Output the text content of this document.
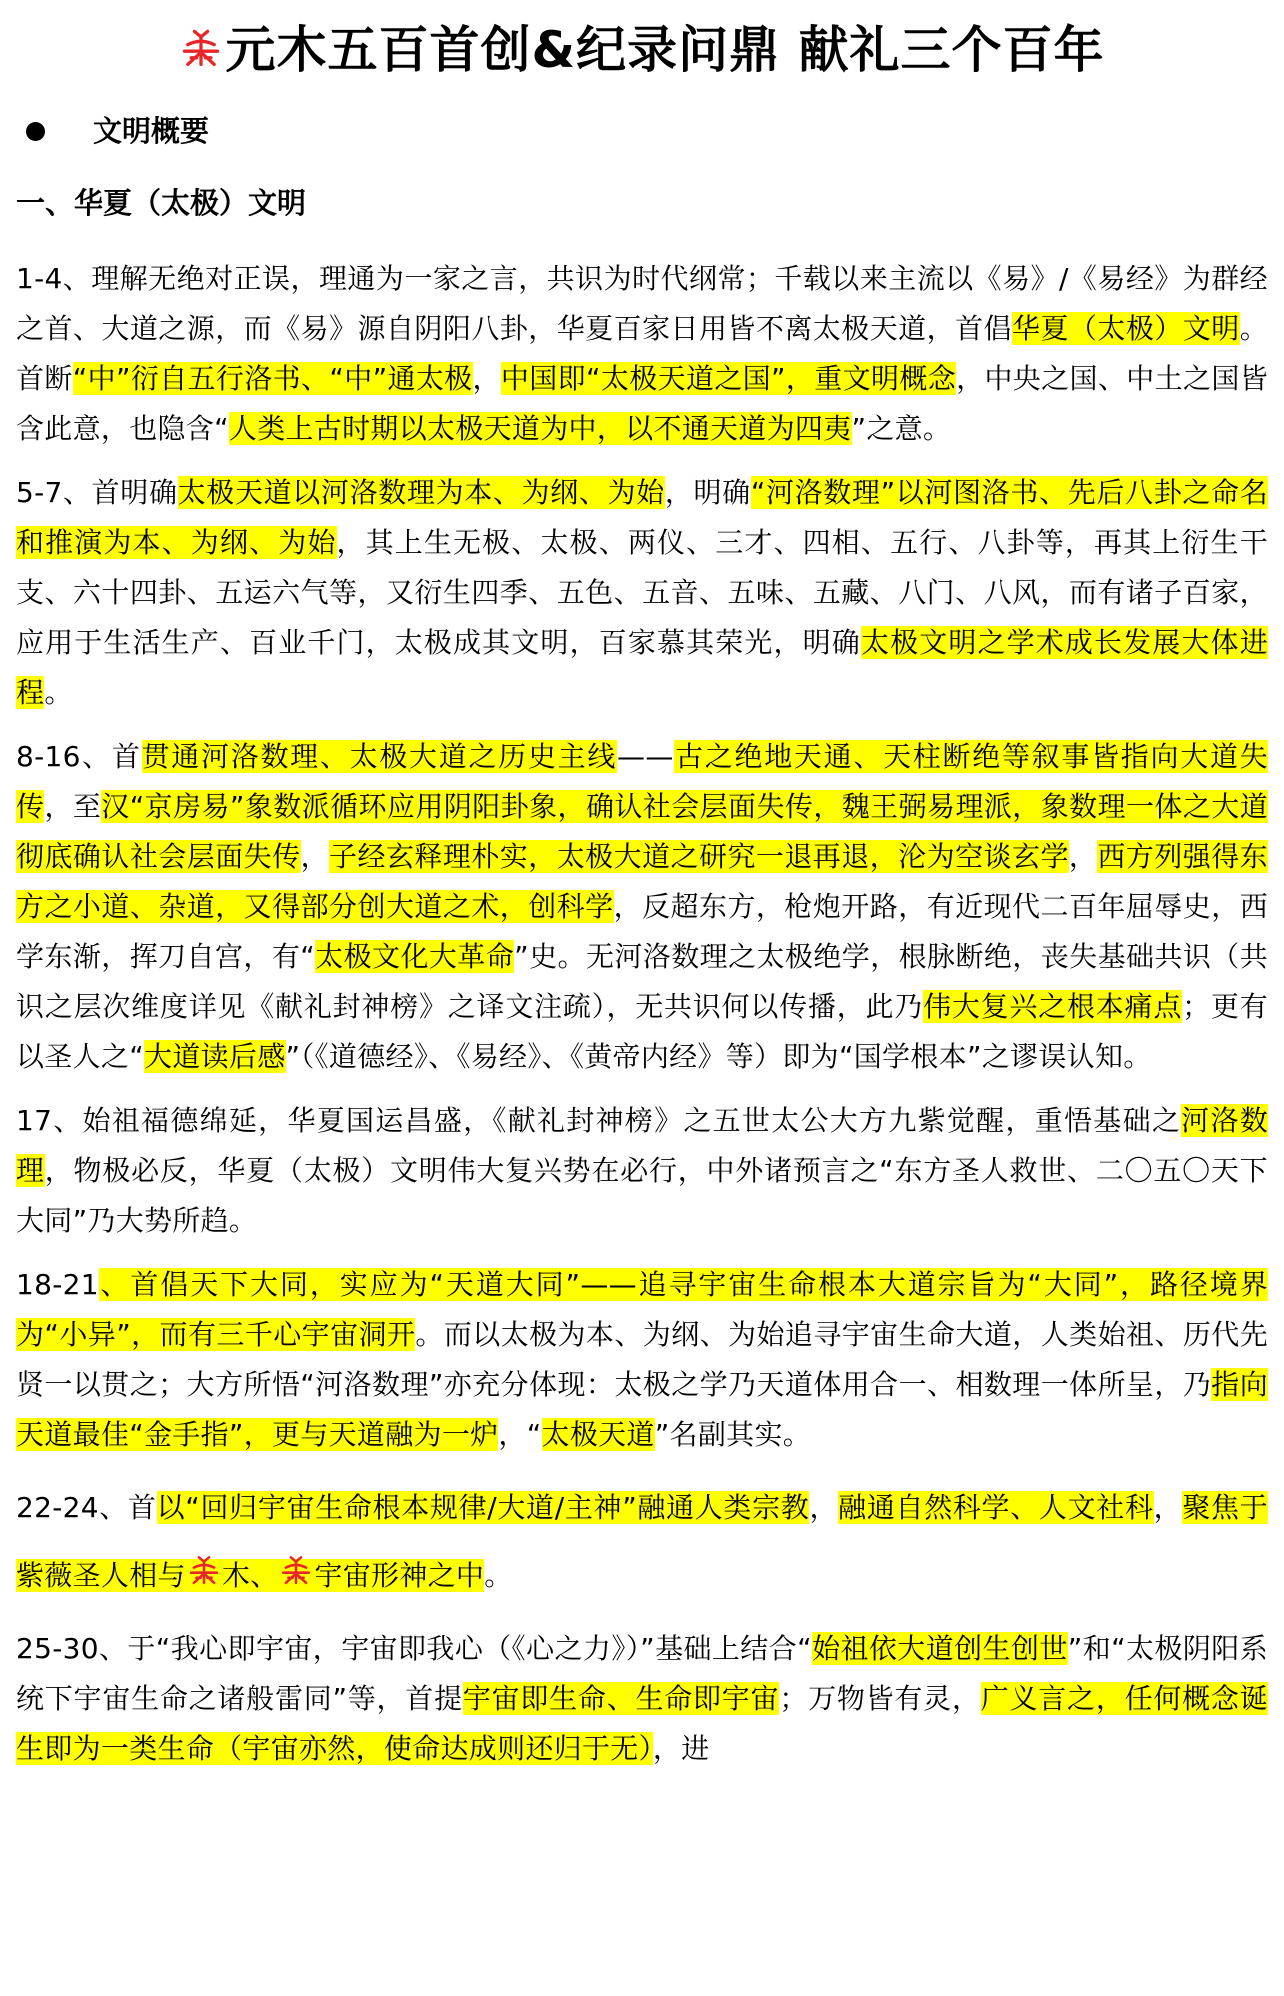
元木五百首创&纪录问鼎 献礼三个百年
文明概要
一、华夏（太极）文明

1-4、理解无绝对正误，理通为一家之言，共识为时代纲常；千载以来主流以《易》/《易经》为群经之首、大道之源，而《易》源自阴阳八卦，华夏百家日用皆不离太极天道，首倡华夏（太极）文明。首断“中”衍自五行洛书、“中”通太极，中国即“太极天道之国”，重文明概念，中央之国、中土之国皆含此意，也隐含“人类上古时期以太极天道为中，以不通天道为四夷”之意。

5-7、首明确太极天道以河洛数理为本、为纲、为始，明确“河洛数理”以河图洛书、先后八卦之命名和推演为本、为纲、为始，其上生无极、太极、两仪、三才、四相、五行、八卦等，再其上衍生干支、六十四卦、五运六气等，又衍生四季、五色、五音、五味、五藏、八门、八风，而有诸子百家，应用于生活生产、百业千门，太极成其文明，百家慕其荣光，明确太极文明之学术成长发展大体进程。

8-16、首贯通河洛数理、太极大道之历史主线——古之绝地天通、天柱断绝等叙事皆指向大道失传，至汉“京房易”象数派循环应用阴阳卦象，确认社会层面失传，魏王弼易理派，象数理一体之大道彻底确认社会层面失传，子经玄释理朴实，太极大道之研究一退再退，沦为空谈玄学，西方列强得东方之小道、杂道，又得部分创大道之术，创科学，反超东方，枪炮开路，有近现代二百年屈辱史，西学东渐，挥刀自宫，有“太极文化大革命”史。无河洛数理之太极绝学，根脉断绝，丧失基础共识（共识之层次维度详见《献礼封神榜》之译文注疏），无共识何以传播，此乃伟大复兴之根本痛点；更有以圣人之“大道读后感”（《道德经》、《易经》、《黄帝内经》等）即为“国学根本”之谬误认知。

17、始祖福德绵延，华夏国运昌盛，《献礼封神榜》之五世太公大方九紫觉醒，重悟基础之河洛数理，物极必反，华夏（太极）文明伟大复兴势在必行，中外诸预言之“东方圣人救世、二〇五〇天下大同”乃大势所趋。

18-21、首倡天下大同，实应为“天道大同”——追寻宇宙生命根本大道宗旨为“大同”，路径境界为“小异”，而有三千心宇宙洞开。而以太极为本、为纲、为始追寻宇宙生命大道，人类始祖、历代先贤一以贯之；大方所悟“河洛数理”亦充分体现：太极之学乃天道体用合一、相数理一体所呈，乃指向天道最佳“金手指”，更与天道融为一炉，“太极天道”名副其实。

22-24、首以“回归宇宙生命根本规律/大道/主神”融通人类宗教，融通自然科学、人文社科，聚焦于紫薇圣人相与 木、 宇宙形神之中。

25-30、于“我心即宇宙，宇宙即我心（《心之力》）”基础上结合“始祖依大道创生创世”和“太极阴阳系统下宇宙生命之诸般雷同”等，首提宇宙即生命、生命即宇宙；万物皆有灵，广义言之，任何概念诞生即为一类生命（宇宙亦然，使命达成则还归于无），进
